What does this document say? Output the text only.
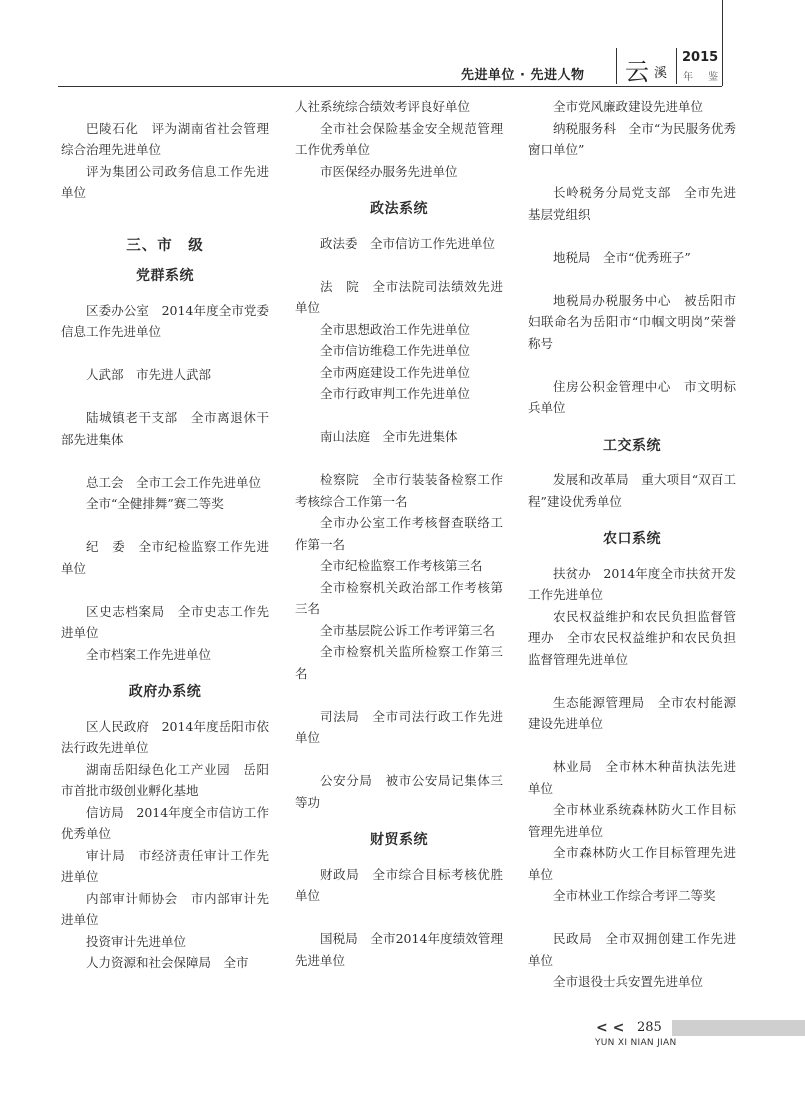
先进单位 · 先进人物 云 溪
2015
年 鉴

巴陵石化　评为湖南省社会管理综合治理先进单位

评为集团公司政务信息工作先进单位

三、市　级
党群系统

区委办公室　2014年度全市党委信息工作先进单位

人武部　市先进人武部

陆城镇老干支部　全市离退休干部先进集体

总工会　全市工会工作先进单位

全市“全健排舞”赛二等奖

纪　委　全市纪检监察工作先进单位

区史志档案局　全市史志工作先进单位

全市档案工作先进单位

政府办系统

区人民政府　2014年度岳阳市依法行政先进单位

湖南岳阳绿色化工产业园　岳阳市首批市级创业孵化基地

信访局　2014年度全市信访工作优秀单位

审计局　市经济责任审计工作先进单位

内部审计师协会　市内部审计先进单位

投资审计先进单位

人力资源和社会保障局　全市

人社系统综合绩效考评良好单位

全市社会保险基金安全规范管理工作优秀单位

市医保经办服务先进单位

政法系统

政法委　全市信访工作先进单位

法　院　全市法院司法绩效先进单位

全市思想政治工作先进单位

全市信访维稳工作先进单位

全市两庭建设工作先进单位

全市行政审判工作先进单位

南山法庭　全市先进集体

检察院　全市行装装备检察工作考核综合工作第一名

全市办公室工作考核督查联络工作第一名

全市纪检监察工作考核第三名

全市检察机关政治部工作考核第三名

全市基层院公诉工作考评第三名

全市检察机关监所检察工作第三名

司法局　全市司法行政工作先进单位

公安分局　被市公安局记集体三等功

财贸系统

财政局　全市综合目标考核优胜单位

国税局　全市2014年度绩效管理先进单位

全市党风廉政建设先进单位

纳税服务科　全市“为民服务优秀窗口单位”

长岭税务分局党支部　全市先进基层党组织

地税局　全市“优秀班子”

地税局办税服务中心　被岳阳市妇联命名为岳阳市“巾帼文明岗”荣誉称号

住房公积金管理中心　市文明标兵单位

工交系统

发展和改革局　重大项目“双百工程”建设优秀单位

农口系统

扶贫办　2014年度全市扶贫开发工作先进单位

农民权益维护和农民负担监督管理办　全市农民权益维护和农民负担监督管理先进单位

生态能源管理局　全市农村能源建设先进单位

林业局　全市林木种苗执法先进单位

全市林业系统森林防火工作目标管理先进单位

全市森林防火工作目标管理先进单位

全市林业工作综合考评二等奖

民政局　全市双拥创建工作先进单位

全市退役士兵安置先进单位

< < 285
YUN XI NIAN JIAN
